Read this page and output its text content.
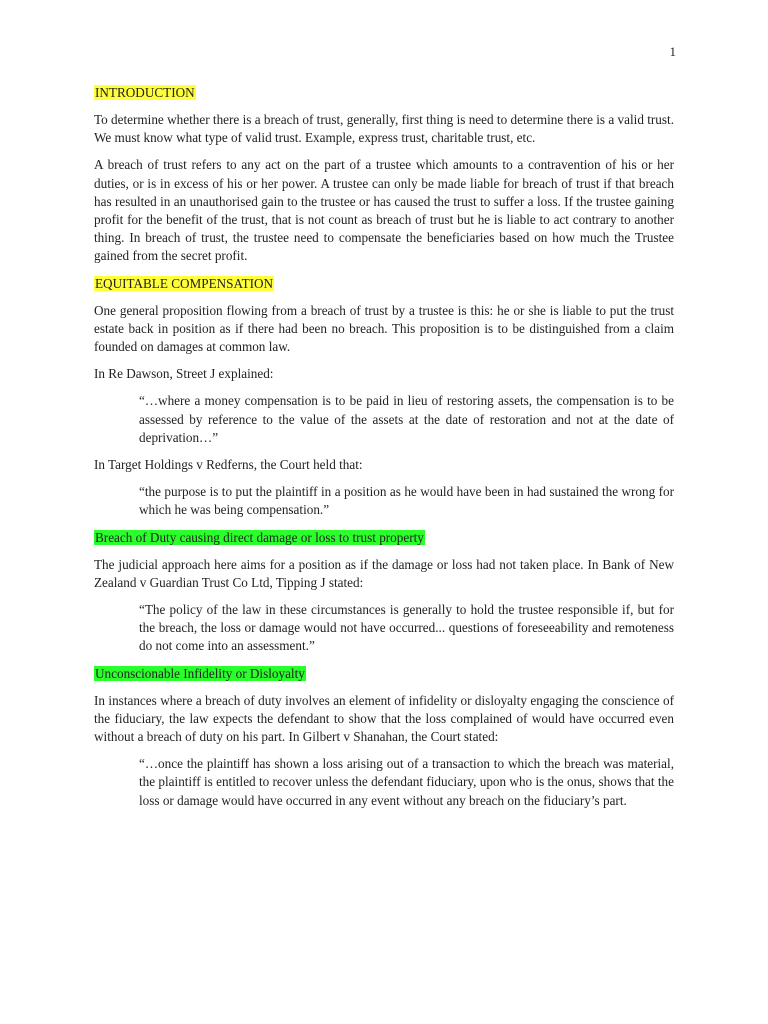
1
INTRODUCTION

To determine whether there is a breach of trust, generally, first thing is need to determine there is a valid trust. We must know what type of valid trust. Example, express trust, charitable trust, etc.

A breach of trust refers to any act on the part of a trustee which amounts to a contravention of his or her duties, or is in excess of his or her power. A trustee can only be made liable for breach of trust if that breach has resulted in an unauthorised gain to the trustee or has caused the trust to suffer a loss. If the trustee gaining profit for the benefit of the trust, that is not count as breach of trust but he is liable to act contrary to another thing. In breach of trust, the trustee need to compensate the beneficiaries based on how much the Trustee gained from the secret profit.

EQUITABLE COMPENSATION

One general proposition flowing from a breach of trust by a trustee is this: he or she is liable to put the trust estate back in position as if there had been no breach. This proposition is to be distinguished from a claim founded on damages at common law.

In Re Dawson, Street J explained:

“…where a money compensation is to be paid in lieu of restoring assets, the compensation is to be assessed by reference to the value of the assets at the date of restoration and not at the date of deprivation…”

In Target Holdings v Redferns, the Court held that:

“the purpose is to put the plaintiff in a position as he would have been in had sustained the wrong for which he was being compensation.”

Breach of Duty causing direct damage or loss to trust property

The judicial approach here aims for a position as if the damage or loss had not taken place. In Bank of New Zealand v Guardian Trust Co Ltd, Tipping J stated:

“The policy of the law in these circumstances is generally to hold the trustee responsible if, but for the breach, the loss or damage would not have occurred... questions of foreseeability and remoteness do not come into an assessment.”

Unconscionable Infidelity or Disloyalty

In instances where a breach of duty involves an element of infidelity or disloyalty engaging the conscience of the fiduciary, the law expects the defendant to show that the loss complained of would have occurred even without a breach of duty on his part. In Gilbert v Shanahan, the Court stated:

“…once the plaintiff has shown a loss arising out of a transaction to which the breach was material, the plaintiff is entitled to recover unless the defendant fiduciary, upon who is the onus, shows that the loss or damage would have occurred in any event without any breach on the fiduciary’s part.
